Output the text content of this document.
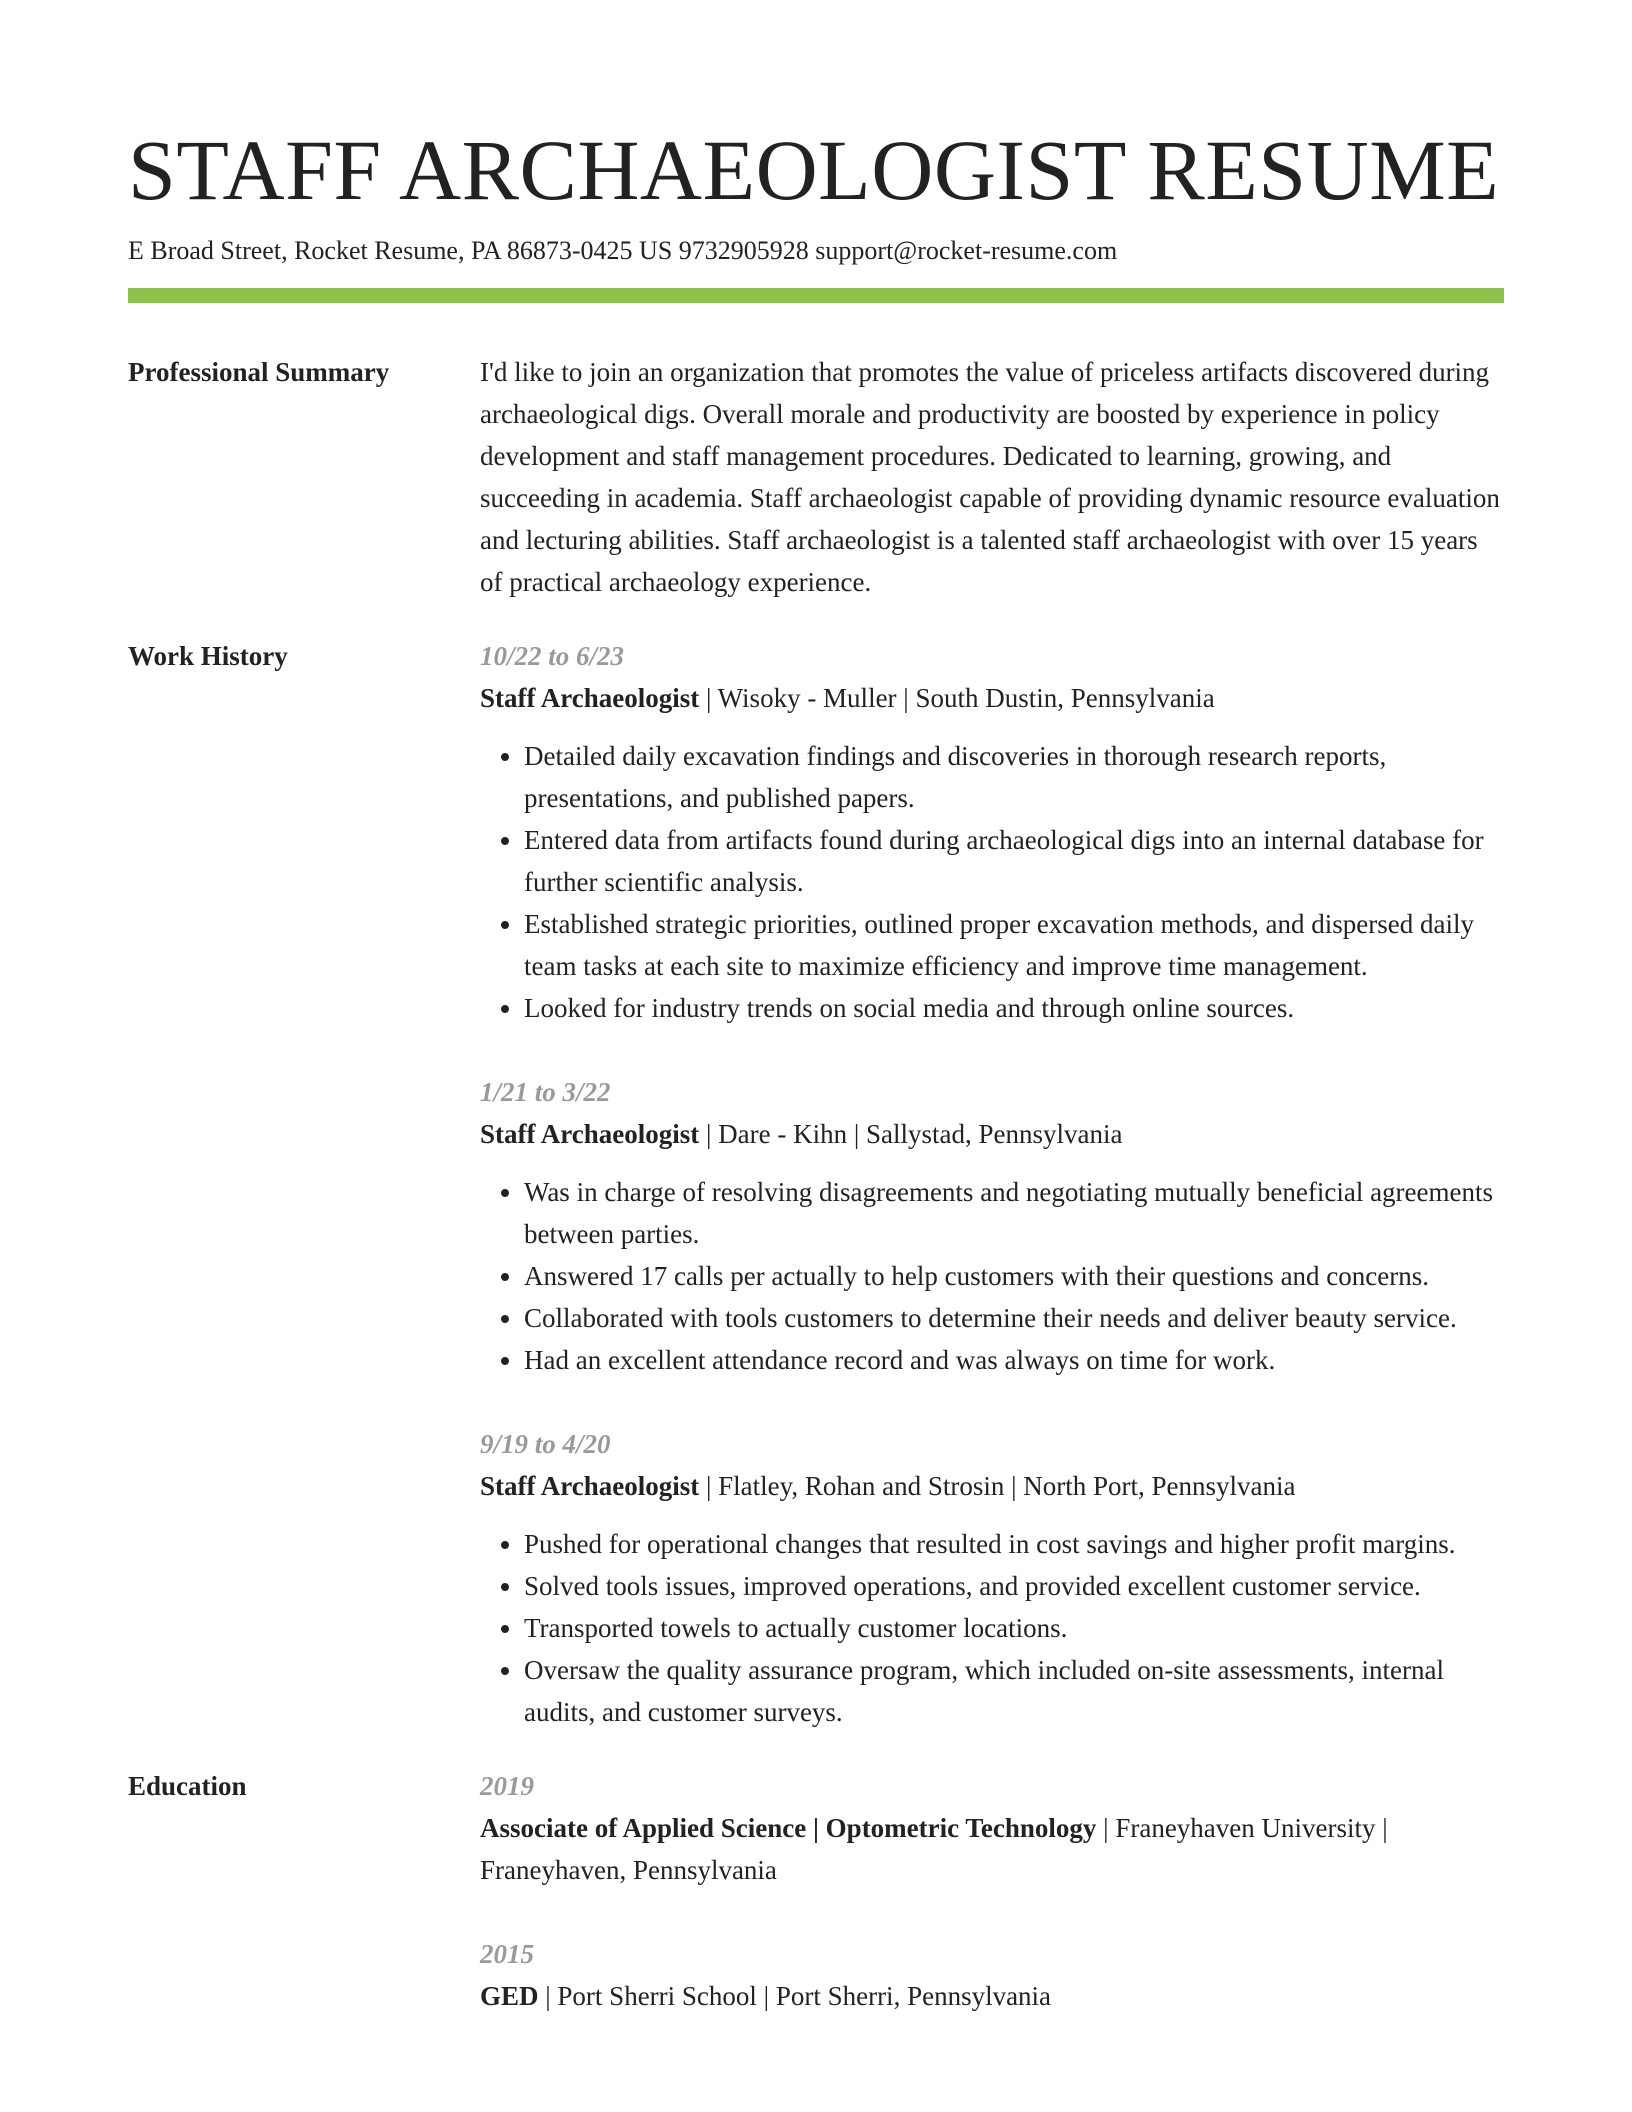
STAFF ARCHAEOLOGIST RESUME
E Broad Street, Rocket Resume, PA 86873-0425 US 9732905928 support@rocket-resume.com
Professional Summary	I'd like to join an organization that promotes the value of priceless artifacts discovered during archaeological digs. Overall morale and productivity are boosted by experience in policy development and staff management procedures. Dedicated to learning, growing, and succeeding in academia. Staff archaeologist capable of providing dynamic resource evaluation and lecturing abilities. Staff archaeologist is a talented staff archaeologist with over 15 years of practical archaeology experience.

Work History	10/22 to 6/23
Staff Archaeologist | Wisoky - Muller | South Dustin, Pennsylvania
• Detailed daily excavation findings and discoveries in thorough research reports, presentations, and published papers.
• Entered data from artifacts found during archaeological digs into an internal database for further scientific analysis.
• Established strategic priorities, outlined proper excavation methods, and dispersed daily team tasks at each site to maximize efficiency and improve time management.
• Looked for industry trends on social media and through online sources.
1/21 to 3/22
Staff Archaeologist | Dare - Kihn | Sallystad, Pennsylvania
• Was in charge of resolving disagreements and negotiating mutually beneficial agreements between parties.
• Answered 17 calls per actually to help customers with their questions and concerns.
• Collaborated with tools customers to determine their needs and deliver beauty service.
• Had an excellent attendance record and was always on time for work.
9/19 to 4/20
Staff Archaeologist | Flatley, Rohan and Strosin | North Port, Pennsylvania
• Pushed for operational changes that resulted in cost savings and higher profit margins.
• Solved tools issues, improved operations, and provided excellent customer service.
• Transported towels to actually customer locations.
• Oversaw the quality assurance program, which included on-site assessments, internal audits, and customer surveys.
Education	2019
Associate of Applied Science | Optometric Technology | Franeyhaven University | Franeyhaven, Pennsylvania
2015
GED | Port Sherri School | Port Sherri, Pennsylvania
